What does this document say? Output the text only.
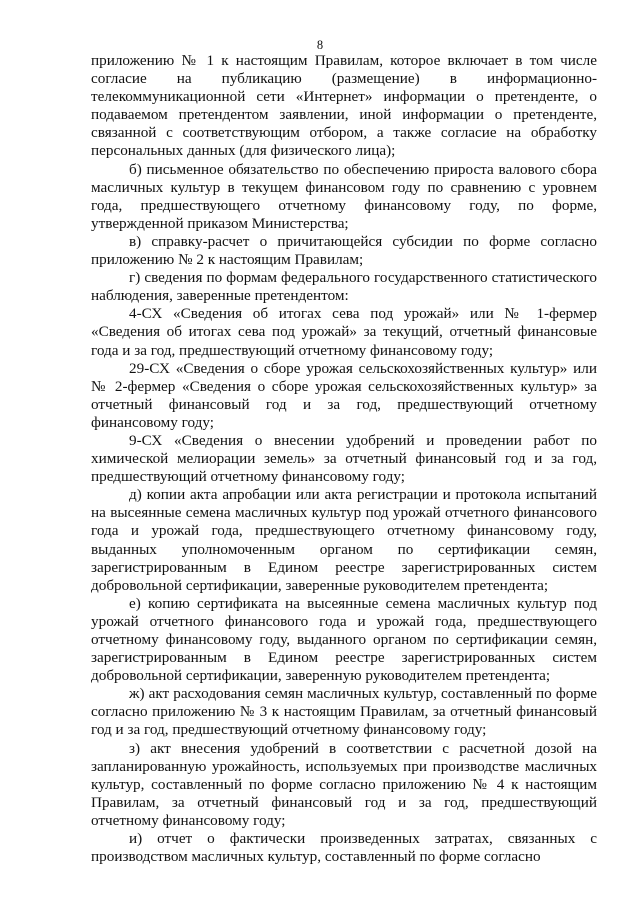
8

приложению № 1 к настоящим Правилам, которое включает в том числе согласие на публикацию (размещение) в информационно-телекоммуникационной сети «Интернет» информации о претенденте, о подаваемом претендентом заявлении, иной информации о претенденте, связанной с соответствующим отбором, а также согласие на обработку персональных данных (для физического лица);

б) письменное обязательство по обеспечению прироста валового сбора масличных культур в текущем финансовом году по сравнению с уровнем года, предшествующего отчетному финансовому году, по форме, утвержденной приказом Министерства;

в) справку-расчет о причитающейся субсидии по форме согласно приложению № 2 к настоящим Правилам;

г) сведения по формам федерального государственного статистического наблюдения, заверенные претендентом:

4-СХ «Сведения об итогах сева под урожай» или № 1-фермер «Сведения об итогах сева под урожай» за текущий, отчетный финансовые года и за год, предшествующий отчетному финансовому году;

29-СХ «Сведения о сборе урожая сельскохозяйственных культур» или № 2-фермер «Сведения о сборе урожая сельскохозяйственных культур» за отчетный финансовый год и за год, предшествующий отчетному финансовому году;

9-СХ «Сведения о внесении удобрений и проведении работ по химической мелиорации земель» за отчетный финансовый год и за год, предшествующий отчетному финансовому году;

д) копии акта апробации или акта регистрации и протокола испытаний на высеянные семена масличных культур под урожай отчетного финансового года и урожай года, предшествующего отчетному финансовому году, выданных уполномоченным органом по сертификации семян, зарегистрированным в Едином реестре зарегистрированных систем добровольной сертификации, заверенные руководителем претендента;

е) копию сертификата на высеянные семена масличных культур под урожай отчетного финансового года и урожай года, предшествующего отчетному финансовому году, выданного органом по сертификации семян, зарегистрированным в Едином реестре зарегистрированных систем добровольной сертификации, заверенную руководителем претендента;

ж) акт расходования семян масличных культур, составленный по форме согласно приложению № 3 к настоящим Правилам, за отчетный финансовый год и за год, предшествующий отчетному финансовому году;

з) акт внесения удобрений в соответствии с расчетной дозой на запланированную урожайность, используемых при производстве масличных культур, составленный по форме согласно приложению № 4 к настоящим Правилам, за отчетный финансовый год и за год, предшествующий отчетному финансовому году;

и) отчет о фактически произведенных затратах, связанных с производством масличных культур, составленный по форме согласно
